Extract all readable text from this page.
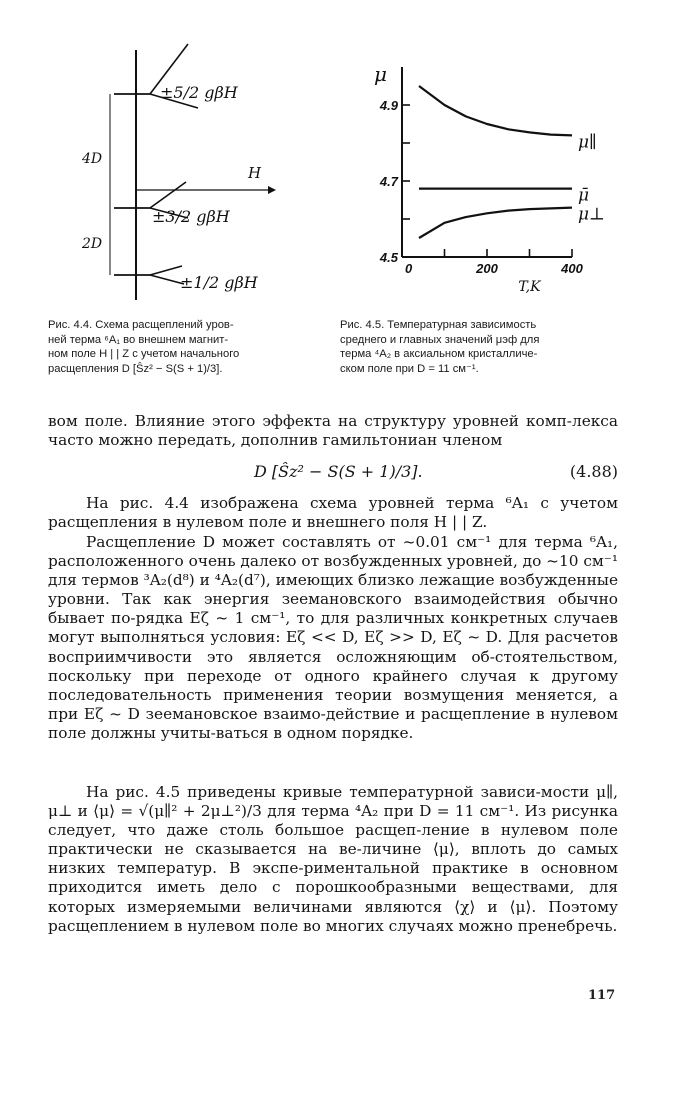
H
4D
2D
±5/2 gβH
±3/2 gβH
±1/2 gβH
4.5
4.7
4.9
0	200	400
μ∥
μ̄
μ⊥
μ
T,K
Рис. 4.4. Схема расщеплений уров-
ней терма ⁶A₁ во внешнем магнит-
ном поле H | | Z с учетом начального
расщепления D [Ŝz² − S(S + 1)/3].
Рис. 4.5. Температурная зависимость
среднего и главных значений μэф для
терма ⁴A₂ в аксиальном кристалличе-
ском поле при D = 11 см⁻¹.

вом поле. Влияние этого эффекта на структуру уровней комп-лекса часто можно передать, дополнив гамильтониан членом

D [Ŝz² − S(S + 1)/3].	(4.88)

На рис. 4.4 изображена схема уровней терма ⁶A₁ с учетом расщепления в нулевом поле и внешнего поля H | | Z.

Расщепление D может составлять от ~0.01 см⁻¹ для терма ⁶A₁, расположенного очень далеко от возбужденных уровней, до ~10 см⁻¹ для термов ³A₂(d⁸) и ⁴A₂(d⁷), имеющих близко лежащие возбужденные уровни. Так как энергия зеемановского взаимодействия обычно бывает по-рядка Eζ ~ 1 см⁻¹, то для различных конкретных случаев могут выполняться условия: Eζ << D, Eζ >> D, Eζ ~ D. Для расчетов восприимчивости это является осложняющим об-стоятельством, поскольку при переходе от одного крайнего случая к другому последовательность применения теории возмущения меняется, а при Eζ ~ D зеемановское взаимо-действие и расщепление в нулевом поле должны учиты-ваться в одном порядке.

На рис. 4.5 приведены кривые температурной зависи-мости μ∥, μ⊥ и ⟨μ⟩ = √(μ∥² + 2μ⊥²)/3 для терма ⁴A₂ при D = 11 см⁻¹. Из рисунка следует, что даже столь большое расщеп-ление в нулевом поле практически не сказывается на ве-личине ⟨μ⟩, вплоть до самых низких температур. В экспе-риментальной практике в основном приходится иметь дело с порошкообразными веществами, для которых измеряемыми величинами являются ⟨χ⟩ и ⟨μ⟩. Поэтому расщеплением в нулевом поле во многих случаях можно пренебречь.

117
